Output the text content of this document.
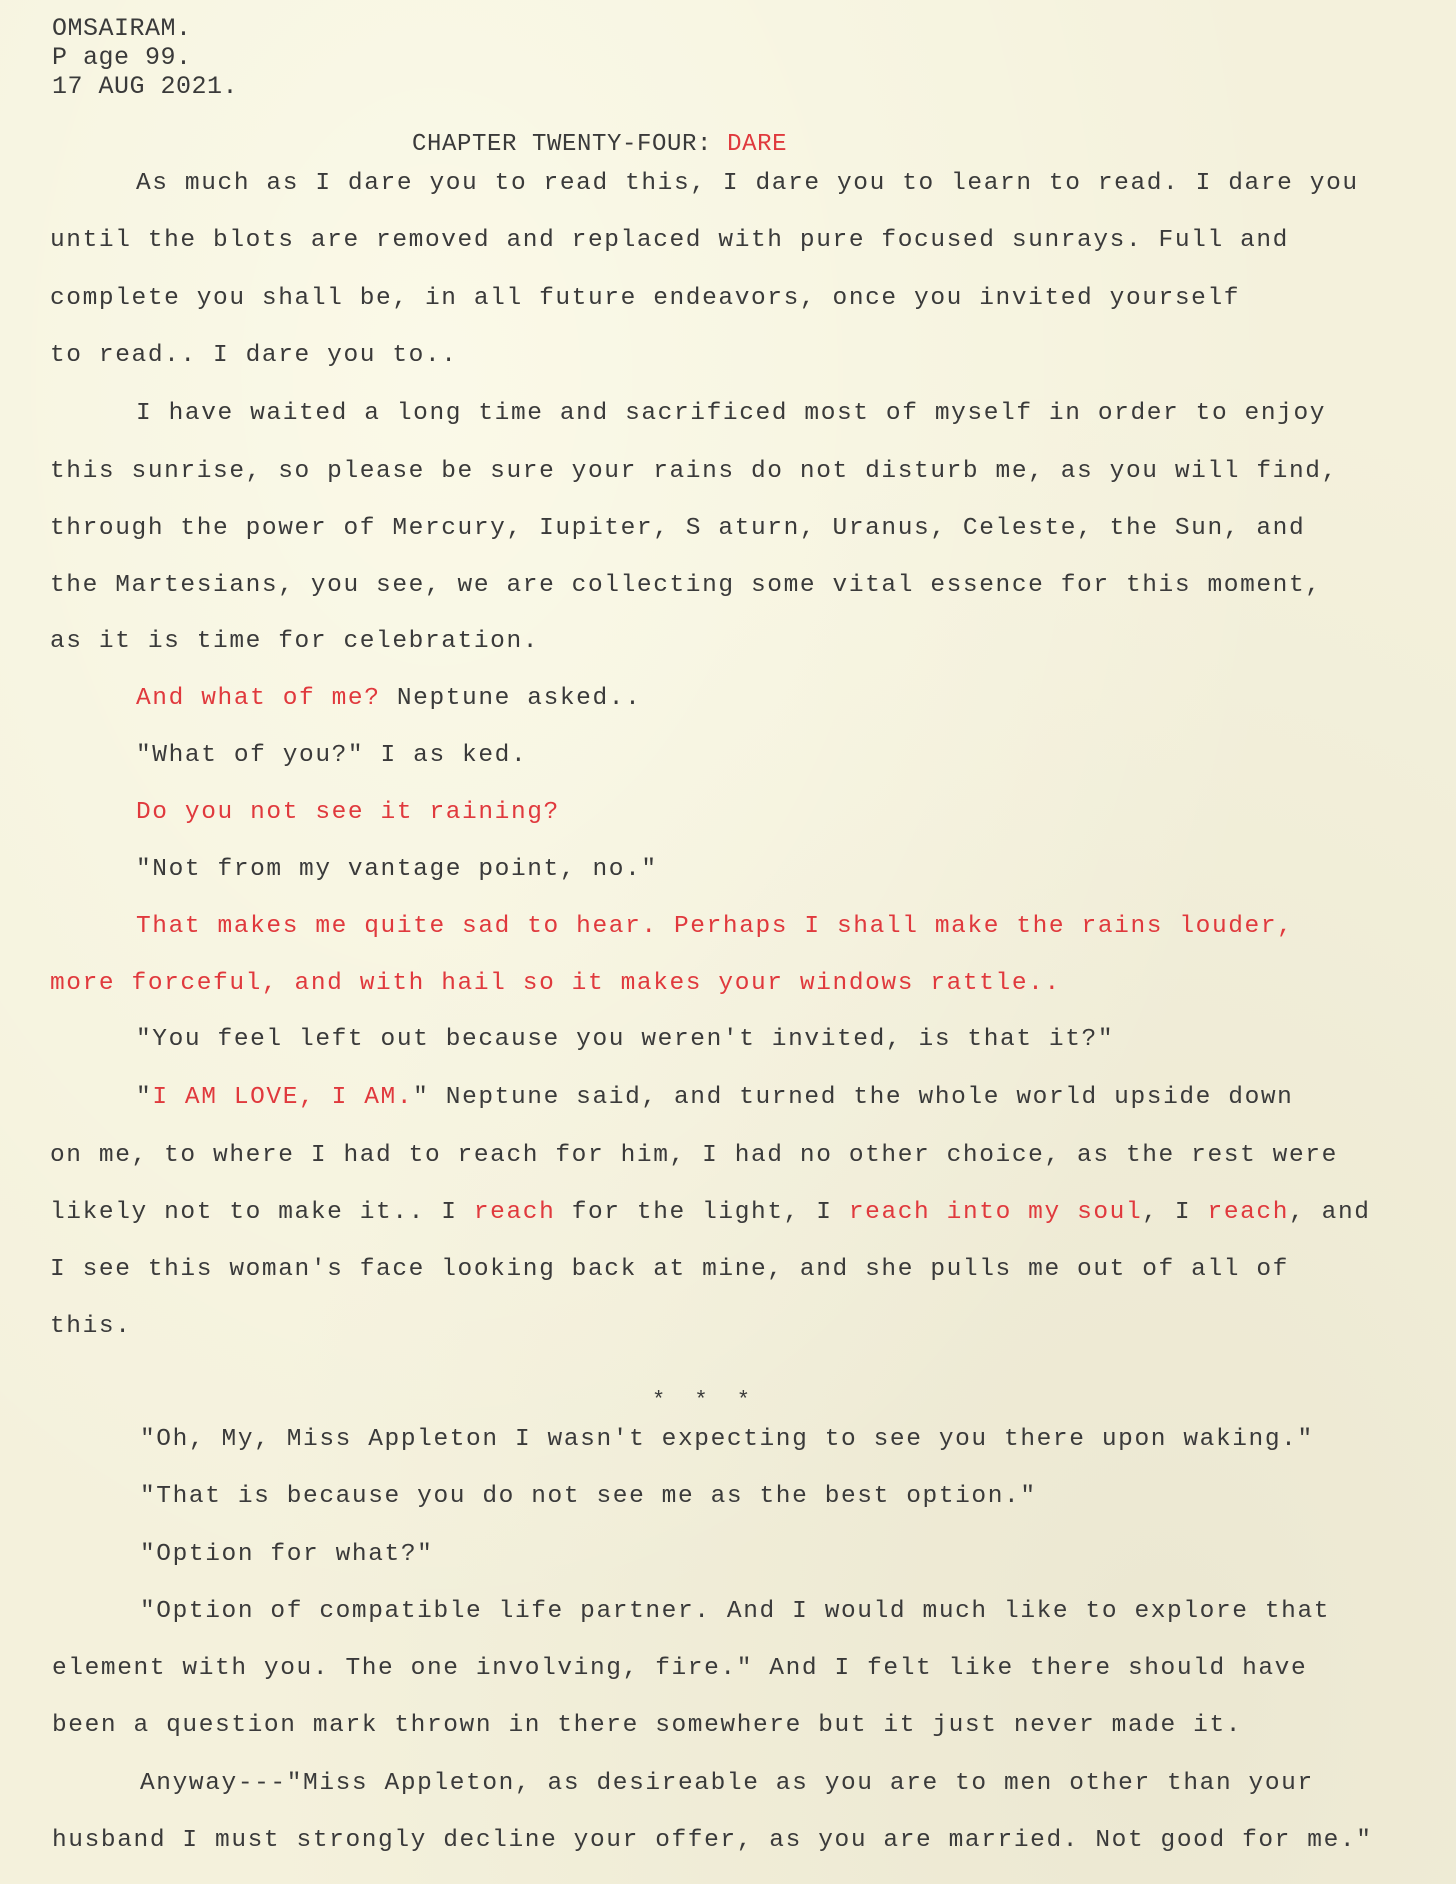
OMSAIRAM.
P age 99.
17 AUG 2021.
CHAPTER TWENTY-FOUR: DARE
As much as I dare you to read this, I dare you to learn to read. I dare you
until the blots are removed and replaced with pure focused sunrays. Full and
complete you shall be, in all future endeavors, once you invited yourself
to read.. I dare you to..
I have waited a long time and sacrificed most of myself in order to enjoy
this sunrise, so please be sure your rains do not disturb me, as you will find,
through the power of Mercury, Iupiter, S aturn, Uranus, Celeste, the Sun, and
the Martesians, you see, we are collecting some vital essence for this moment,
as it is time for celebration.
And what of me? Neptune asked..
"What of you?" I as ked.
Do you not see it raining?
"Not from my vantage point, no."
That makes me quite sad to hear. Perhaps I shall make the rains louder,
more forceful, and with hail so it makes your windows rattle..
"You feel left out because you weren't invited, is that it?"
"I AM LOVE, I AM." Neptune said, and turned the whole world upside down
on me, to where I had to reach for him, I had no other choice, as the rest were
likely not to make it.. I reach for the light, I reach into my soul, I reach, and
I see this woman's face looking back at mine, and she pulls me out of all of
this.
"Oh, My, Miss Appleton I wasn't expecting to see you there upon waking."
"That is because you do not see me as the best option."
"Option for what?"
"Option of compatible life partner. And I would much like to explore that
element with you. The one involving, fire." And I felt like there should have
been a question mark thrown in there somewhere but it just never made it.
Anyway---"Miss Appleton, as desireable as you are to men other than your
husband I must strongly decline your offer, as you are married. Not good for me."
* * *
